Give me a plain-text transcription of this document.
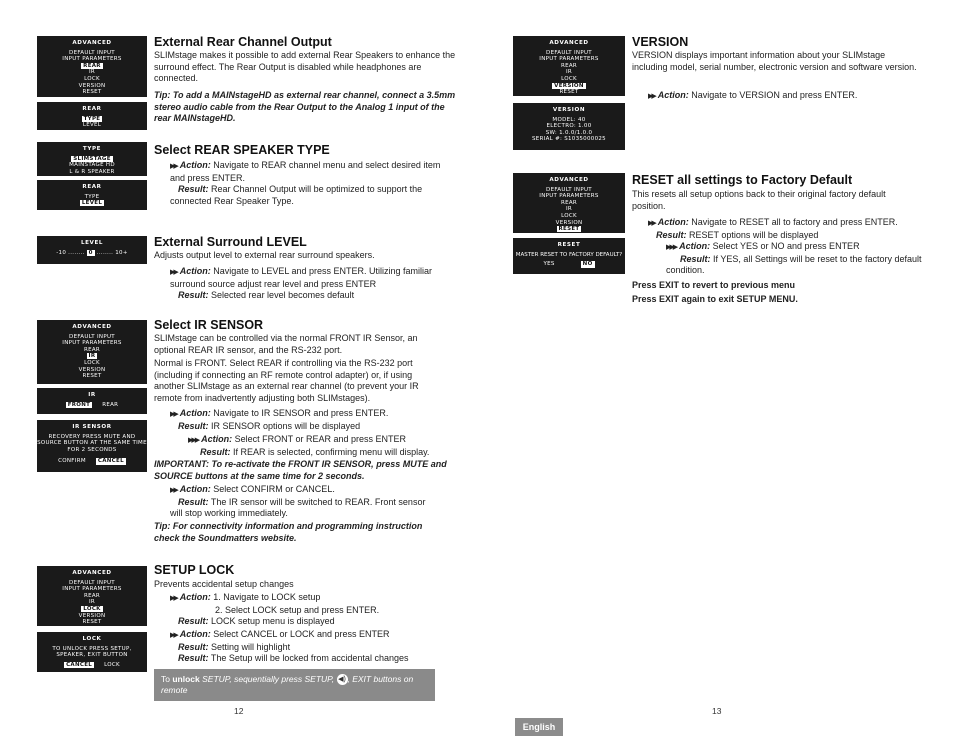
ADVANCED
DEFAULT INPUT
INPUT PARAMETERS
REAR
IR
LOCK
VERSION
RESET
REAR
TYPE
LEVEL
TYPE
SLIMSTAGE
MAINSTAGE HD
L & R SPEAKER
REAR
TYPE
LEVEL
LEVEL
-10 ........ 0 ........ 10+
ADVANCED
DEFAULT INPUT
INPUT PARAMETERS
REAR
IR
LOCK
VERSION
RESET
IR
FRONT	REAR
IR SENSOR
RECOVERY PRESS MUTE AND
SOURCE BUTTON AT THE SAME TIME
FOR 2 SECONDS
CONFIRM	CANCEL
ADVANCED
DEFAULT INPUT
INPUT PARAMETERS
REAR
IR
LOCK
VERSION
RESET
LOCK
TO UNLOCK PRESS SETUP,
SPEAKER, EXIT BUTTON
CANCEL	LOCK
External Rear Channel Output

SLIMstage makes it possible to add external Rear Speakers to enhance the surround effect. The Rear Output is disabled while headphones are connected.

Tip: To add a MAINstageHD as external rear channel, connect a 3.5mm stereo audio cable from the Rear Output to the Analog 1 input of the rear MAINstageHD.

Select REAR SPEAKER TYPE
▶▶ Action: Navigate to REAR channel menu and select desired item and press ENTER.
Result: Rear Channel Output will be optimized to support the connected Rear Speaker Type.
External Surround LEVEL

Adjusts output level to external rear surround speakers.

▶▶ Action: Navigate to LEVEL and press ENTER. Utilizing familiar surround source adjust rear level and press ENTER
Result: Selected rear level becomes default
Select IR SENSOR

SLIMstage can be controlled via the normal FRONT IR Sensor, an optional REAR IR sensor, and the RS-232 port.

Normal is FRONT. Select REAR if controlling via the RS-232 port (including if connecting an RF remote control adapter) or, if using another SLIMstage as an external rear channel (to prevent your IR remote from inadvertently adjusting both SLIMstages).

▶▶ Action: Navigate to IR SENSOR and press ENTER.
Result: IR SENSOR options will be displayed
▶▶▶ Action: Select FRONT or REAR and press ENTER
Result: If REAR is selected, confirming menu will display.

IMPORTANT: To re-activate the FRONT IR SENSOR, press MUTE and SOURCE buttons at the same time for 2 seconds.

▶▶ Action: Select CONFIRM or CANCEL.
Result: The IR sensor will be switched to REAR. Front sensor will stop working immediately.

Tip: For connectivity information and programming instruction check the Soundmatters website.

SETUP LOCK

Prevents accidental setup changes

▶▶ Action: 1. Navigate to LOCK setup
2. Select LOCK setup and press ENTER.
Result: LOCK setup menu is displayed
▶▶ Action: Select CANCEL or LOCK and press ENTER
Result: Setting will highlight
Result: The Setup will be locked from accidental changes
To unlock SETUP, sequentially press SETUP, ◀) , EXIT buttons on remote
12
ADVANCED
DEFAULT INPUT
INPUT PARAMETERS
REAR
IR
LOCK
VERSION
RESET
VERSION
MODEL: 40
ELECTRO: 1.00
SW: 1.0.0/1.0.0
SERIAL #: S1035000025
ADVANCED
DEFAULT INPUT
INPUT PARAMETERS
REAR
IR
LOCK
VERSION
RESET
RESET
MASTER RESET TO FACTORY DEFAULT?
YES	NO
VERSION

VERSION displays important information about your SLIMstage including model, serial number, electronic version and software version.

▶▶ Action: Navigate to VERSION and press ENTER.
RESET all settings to Factory Default

This resets all setup options back to their original factory default position.

▶▶ Action: Navigate to RESET all to factory and press ENTER.
Result: RESET options will be displayed
▶▶▶ Action: Select YES or NO and press ENTER
Result: If YES, all Settings will be reset to the factory default condition.

Press EXIT to revert to previous menu

Press EXIT again to exit SETUP MENU.

13
English
